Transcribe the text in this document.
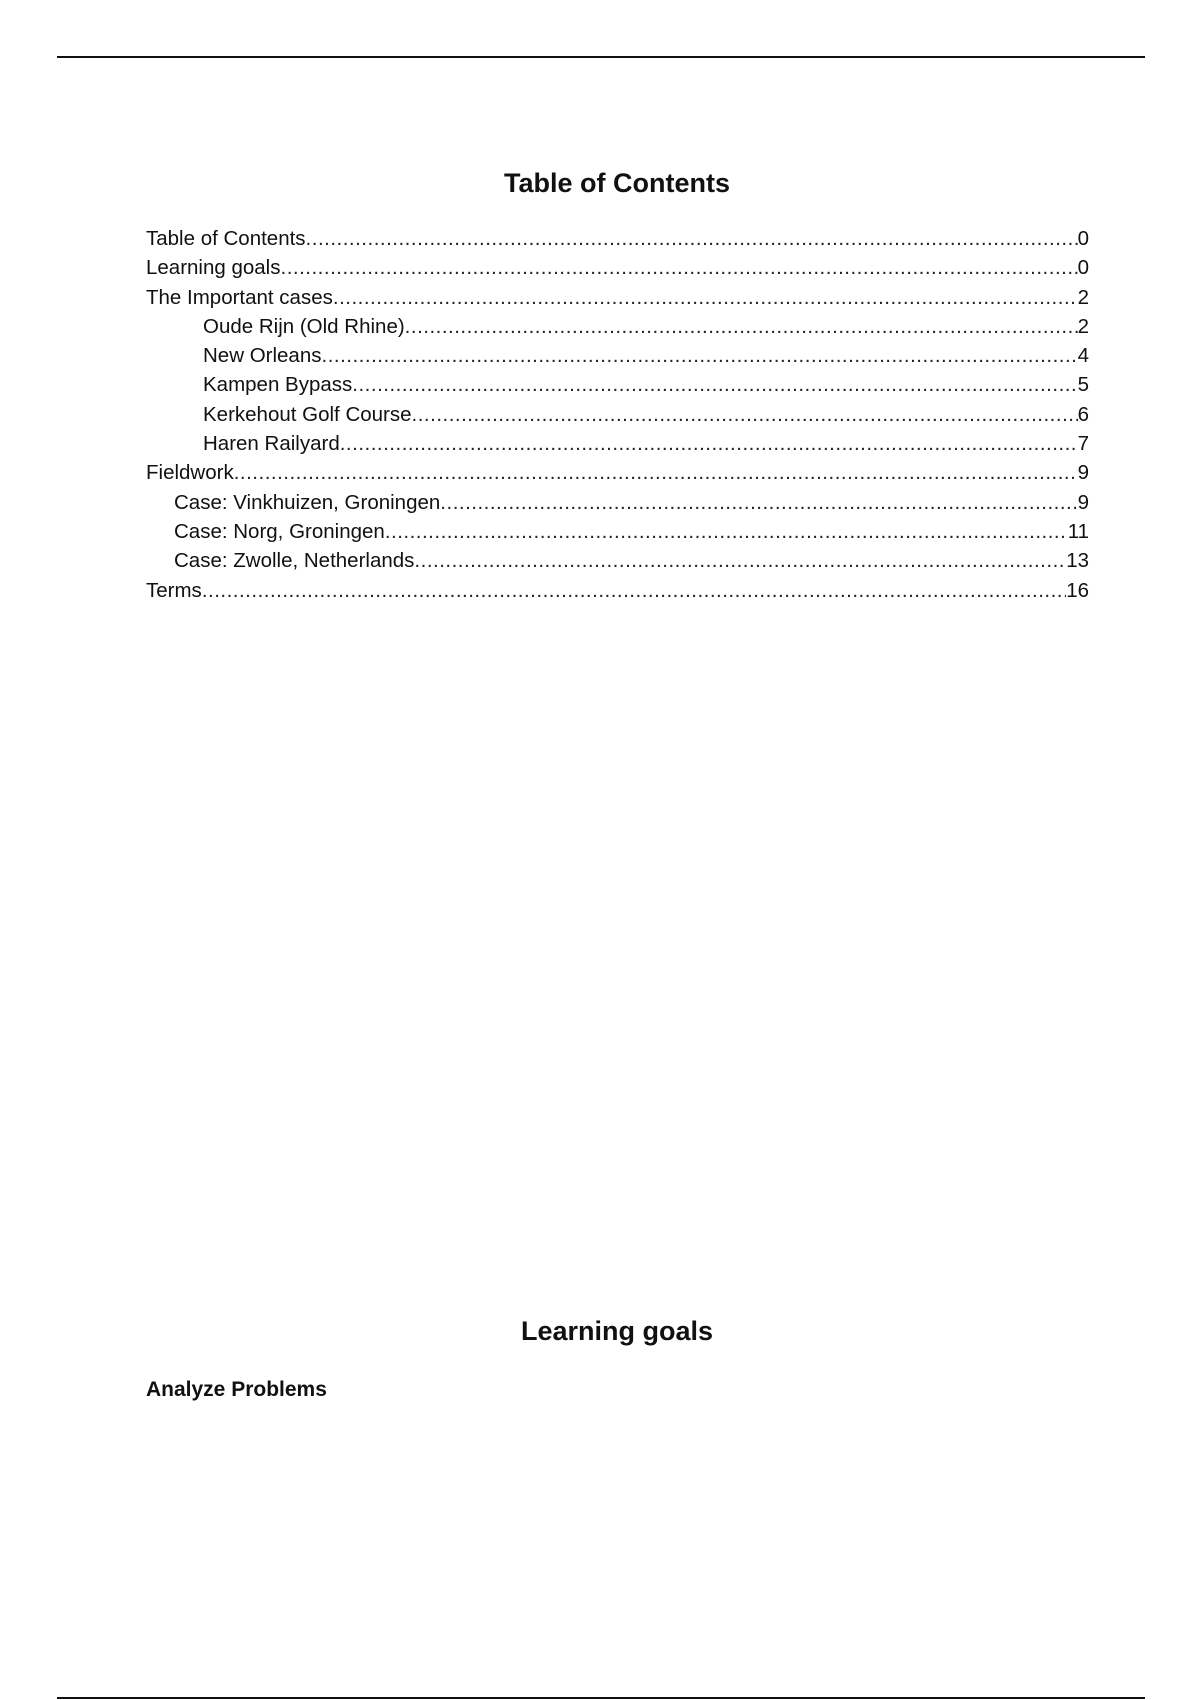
Table of Contents
Table of Contents .....	0
Learning goals .....	0
The Important cases .....	2
Oude Rijn (Old Rhine) .....	2
New Orleans .....	4
Kampen Bypass .....	5
Kerkehout Golf Course .....	6
Haren Railyard .....	7
Fieldwork .....	9
Case: Vinkhuizen, Groningen .....	9
Case: Norg, Groningen .....	11
Case: Zwolle, Netherlands .....	13
Terms .....	16
Learning goals
Analyze Problems
